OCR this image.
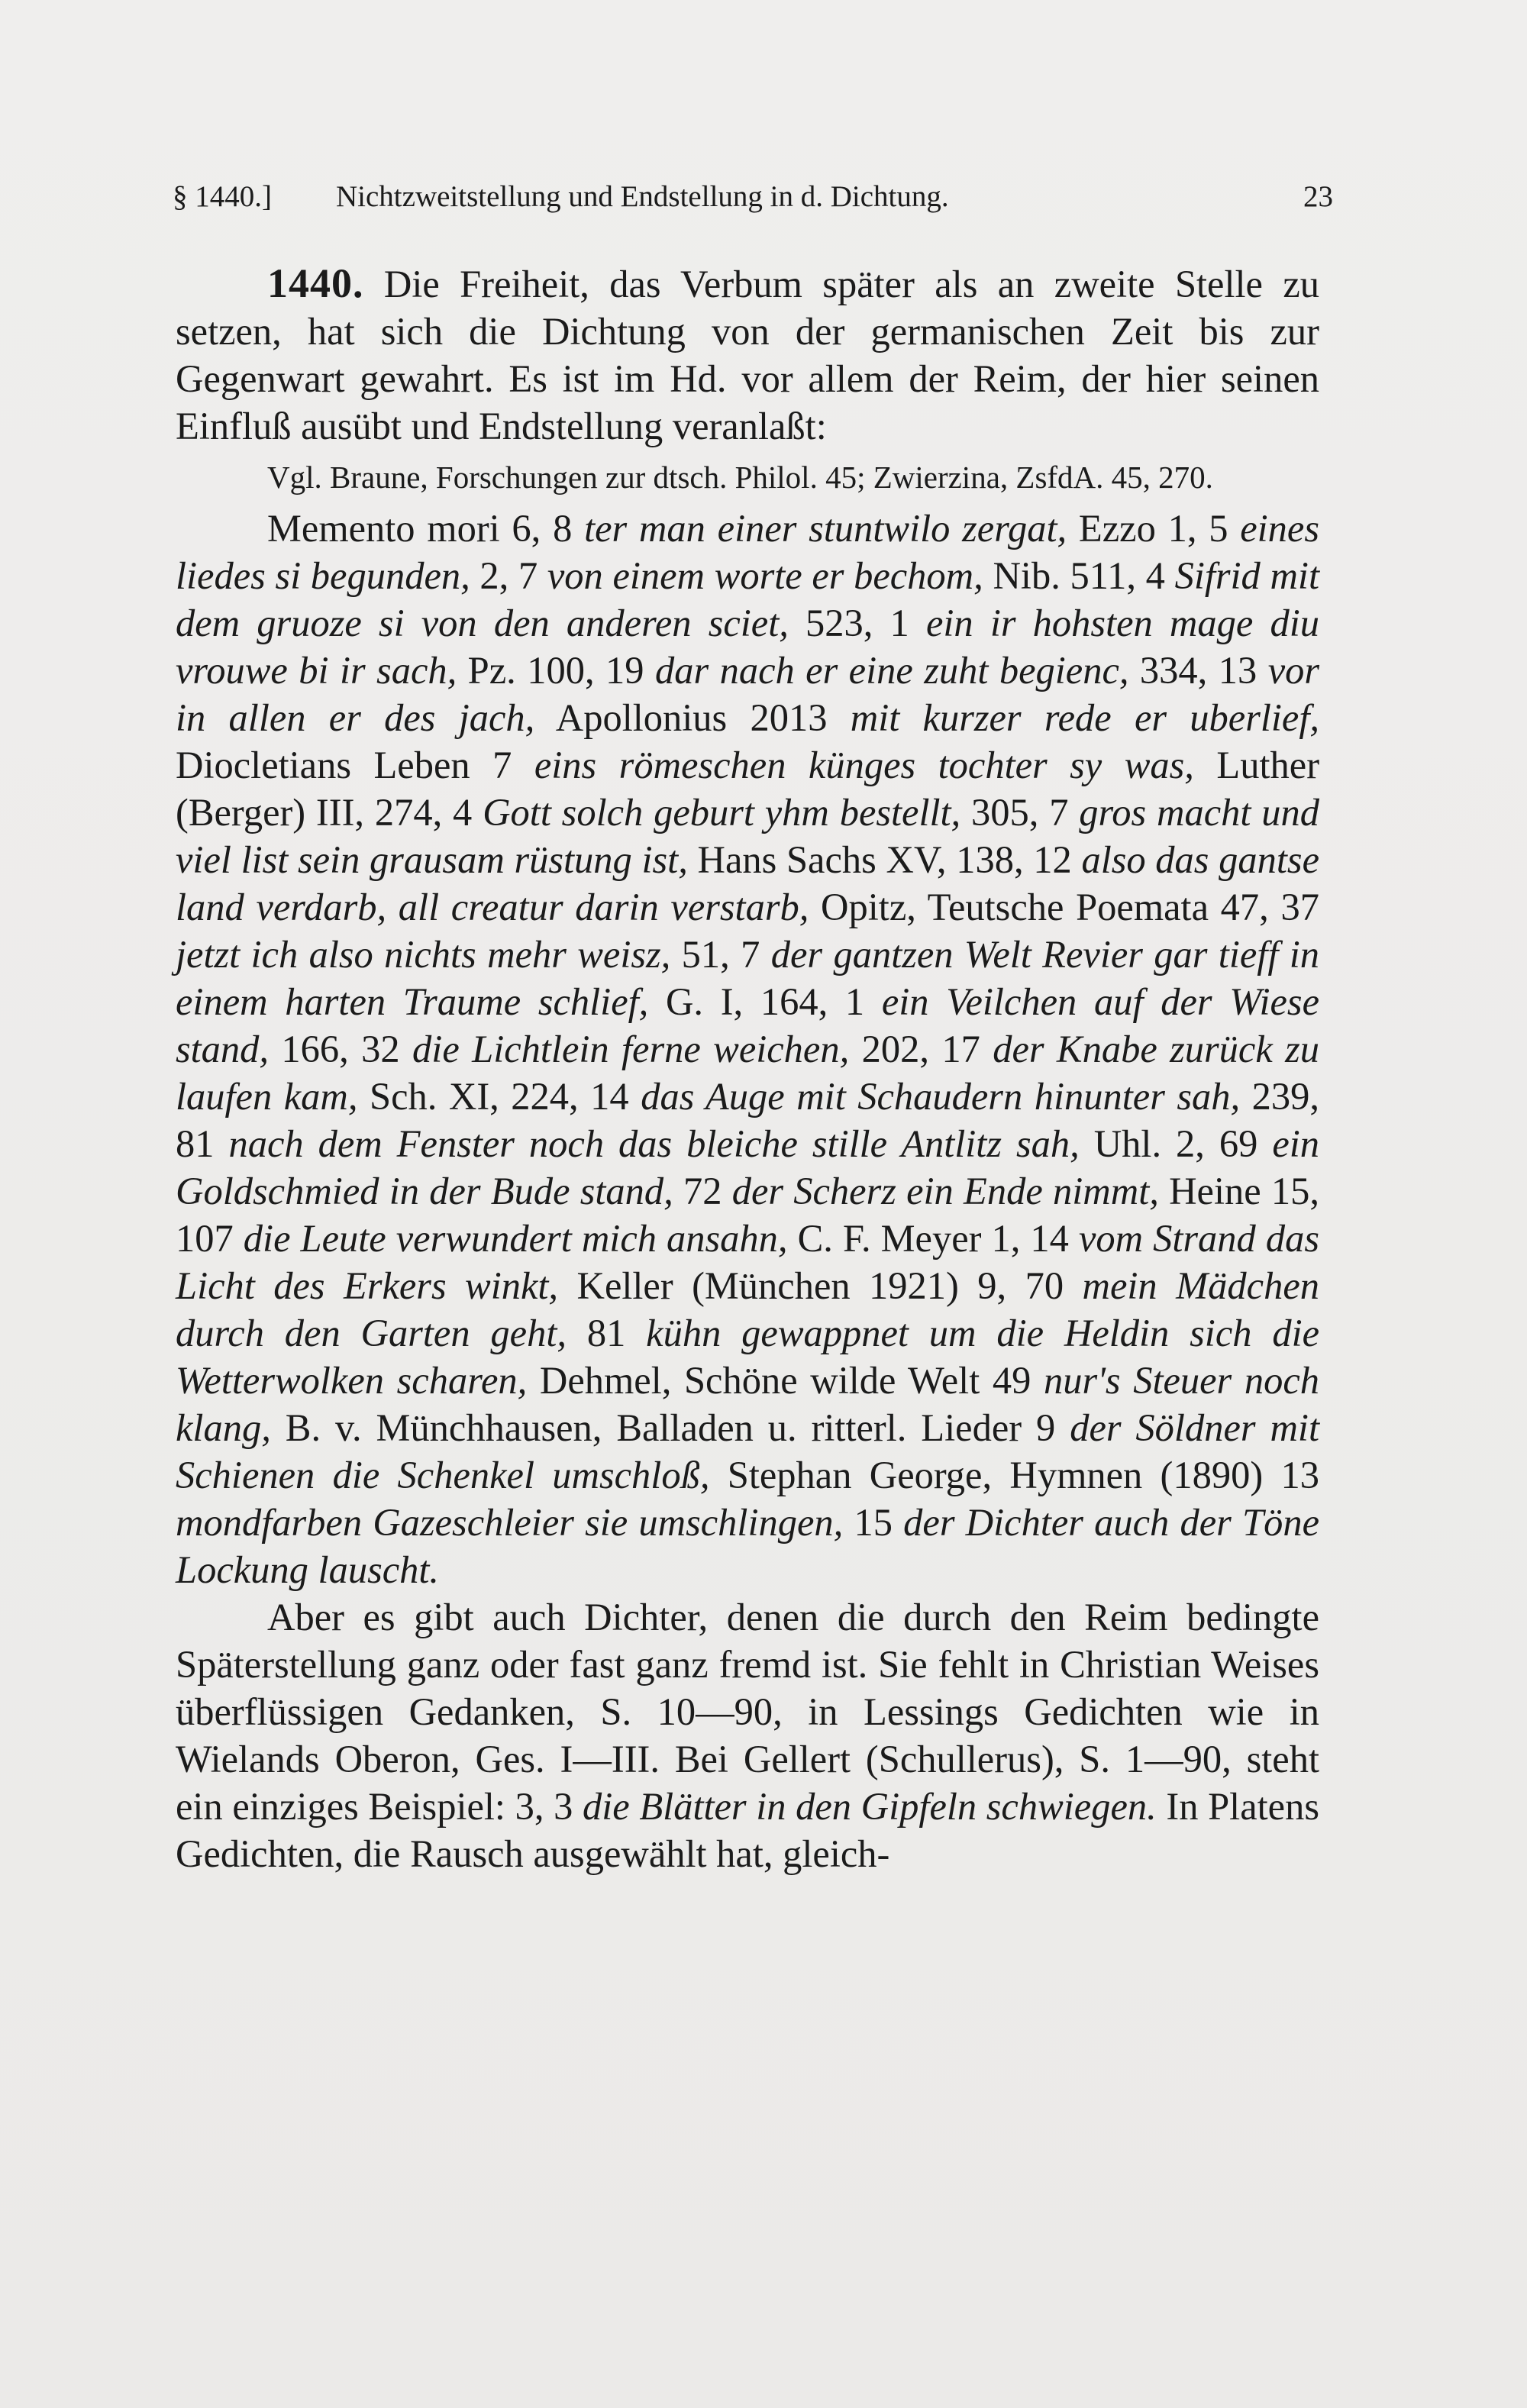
§ 1440.] Nichtzweitstellung und Endstellung in d. Dichtung.	23

1440. Die Freiheit, das Verbum später als an zweite Stelle zu setzen, hat sich die Dichtung von der germanischen Zeit bis zur Gegenwart gewahrt. Es ist im Hd. vor allem der Reim, der hier seinen Einfluß ausübt und Endstellung veranlaßt:

Vgl. Braune, Forschungen zur dtsch. Philol. 45; Zwierzina, ZsfdA. 45, 270.

Memento mori 6, 8 ter man einer stuntwilo zergat, Ezzo 1, 5 eines liedes si begunden, 2, 7 von einem worte er bechom, Nib. 511, 4 Sifrid mit dem gruoze si von den anderen sciet, 523, 1 ein ir hohsten mage diu vrouwe bi ir sach, Pz. 100, 19 dar nach er eine zuht begienc, 334, 13 vor in allen er des jach, Apollonius 2013 mit kurzer rede er uberlief, Diocletians Leben 7 eins römeschen künges tochter sy was, Luther (Berger) III, 274, 4 Gott solch geburt yhm bestellt, 305, 7 gros macht und viel list sein grausam rüstung ist, Hans Sachs XV, 138, 12 also das gantse land verdarb, all creatur darin verstarb, Opitz, Teutsche Poemata 47, 37 jetzt ich also nichts mehr weisz, 51, 7 der gantzen Welt Revier gar tieff in einem harten Traume schlief, G. I, 164, 1 ein Veilchen auf der Wiese stand, 166, 32 die Lichtlein ferne weichen, 202, 17 der Knabe zurück zu laufen kam, Sch. XI, 224, 14 das Auge mit Schaudern hinunter sah, 239, 81 nach dem Fenster noch das bleiche stille Antlitz sah, Uhl. 2, 69 ein Goldschmied in der Bude stand, 72 der Scherz ein Ende nimmt, Heine 15, 107 die Leute verwundert mich ansahn, C. F. Meyer 1, 14 vom Strand das Licht des Erkers winkt, Keller (München 1921) 9, 70 mein Mädchen durch den Garten geht, 81 kühn gewappnet um die Heldin sich die Wetterwolken scharen, Dehmel, Schöne wilde Welt 49 nur's Steuer noch klang, B. v. Münchhausen, Balladen u. ritterl. Lieder 9 der Söldner mit Schienen die Schenkel umschloß, Stephan George, Hymnen (1890) 13 mondfarben Gazeschleier sie umschlingen, 15 der Dichter auch der Töne Lockung lauscht.

Aber es gibt auch Dichter, denen die durch den Reim bedingte Späterstellung ganz oder fast ganz fremd ist. Sie fehlt in Christian Weises überflüssigen Gedanken, S. 10—90, in Lessings Gedichten wie in Wielands Oberon, Ges. I—III. Bei Gellert (Schullerus), S. 1—90, steht ein einziges Beispiel: 3, 3 die Blätter in den Gipfeln schwiegen. In Platens Gedichten, die Rausch ausgewählt hat, gleich-
